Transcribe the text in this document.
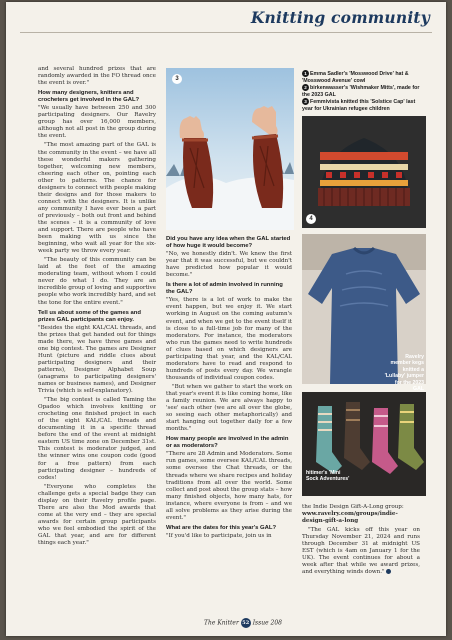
Knitting community
3
1 Emma Sadler's 'Mosswood Drive' hat & 'Mosswood Avenue' cowl
2 birkenwasser's 'Wishmaker Mitts', made for the 2023 GAL
3 Femmivista knitted this 'Solstice Cap' last year for Ukrainian refugee children
4
Ravelry member kegs knitted a 'Lullaby' jumper for the 2023 GAL
hitimer's 'Mini Sock Adventures'

and several hundred prizes that are randomly awarded in the FO thread once the event is over."

How many designers, knitters and crocheters get involved in the GAL?

"We usually have between 250 and 300 participating designers. Our Ravelry group has over 16,000 members, although not all post in the group during the event.

"The most amazing part of the GAL is the community in the event – we have all these wonderful makers gathering together, welcoming new members, cheering each other on, pointing each other to patterns. The chance for designers to connect with people making their designs and for those makers to connect with the designers. It is unlike any community I have ever been a part of previously – both out front and behind the scenes – it is a community of love and support. There are people who have been making with us since the beginning, who wait all year for the six-week party we throw every year.

"The beauty of this community can be laid at the feet of the amazing moderating team, without whom I could never do what I do. They are an incredible group of loving and supportive people who work incredibly hard, and set the tone for the entire event."

Tell us about some of the games and prizes GAL participants can enjoy.

"Besides the eight KAL/CAL threads, and the prizes that get handed out for things made there, we have three games and one big contest. The games are Designer Hunt (picture and riddle clues about participating designers and their patterns), Designer Alphabet Soup (anagrams to participating designers' names or business names), and Designer Trivia (which is self-explanatory).

"The big contest is called Taming the Opadoo which involves knitting or crocheting one finished project in each of the eight KAL/CAL threads and documenting it in a specific thread before the end of the event at midnight eastern US time zone on December 31st. This contest is moderator judged, and the winner wins one coupon code (good for a free pattern) from each participating designer – hundreds of codes!

"Everyone who completes the challenge gets a special badge they can display on their Ravelry profile page. There are also the Mod awards that come at the very end – they are special awards for certain group participants who we feel embodied the spirit of the GAL that year, and are for different things each year."

Did you have any idea when the GAL started of how huge it would become?

"No, we honestly didn't. We knew the first year that it was successful, but we couldn't have predicted how popular it would become."

Is there a lot of admin involved in running the GAL?

"Yes, there is a lot of work to make the event happen, but we enjoy it. We start working in August on the coming autumn's event, and when we get to the event itself it is close to a full-time job for many of the moderators. For instance, the moderators who run the games need to write hundreds of clues based on which designers are participating that year, and the KAL/CAL moderators have to read and respond to hundreds of posts every day. We wrangle thousands of individual coupon codes.

"But when we gather to start the work on that year's event it is like coming home, like a family reunion. We are always happy to 'see' each other (we are all over the globe, so seeing each other metaphorically) and start hanging out together daily for a few months."

How many people are involved in the admin or as moderators?

"There are 28 Admin and Moderators. Some run games, some oversee KAL/CAL threads, some oversee the Chat threads, or the threads where we share recipes and holiday traditions from all over the world. Some collect and post about the group stats – how many finished objects, how many hats, for instance, where everyone is from – and we all solve problems as they arise during the event."

What are the dates for this year's GAL?

"If you'd like to participate, join us in

the Indie Design Gift-A-Long group:

www.ravelry.com/groups/indie-design-gift-a-long

"The GAL kicks off this year on Thursday November 21, 2024 and runs through December 31 at midnight US EST (which is 4am on January 1 for the UK). The event continues for about a week after that while we award prizes, and everything winds down."

The Knitter 52 Issue 208
